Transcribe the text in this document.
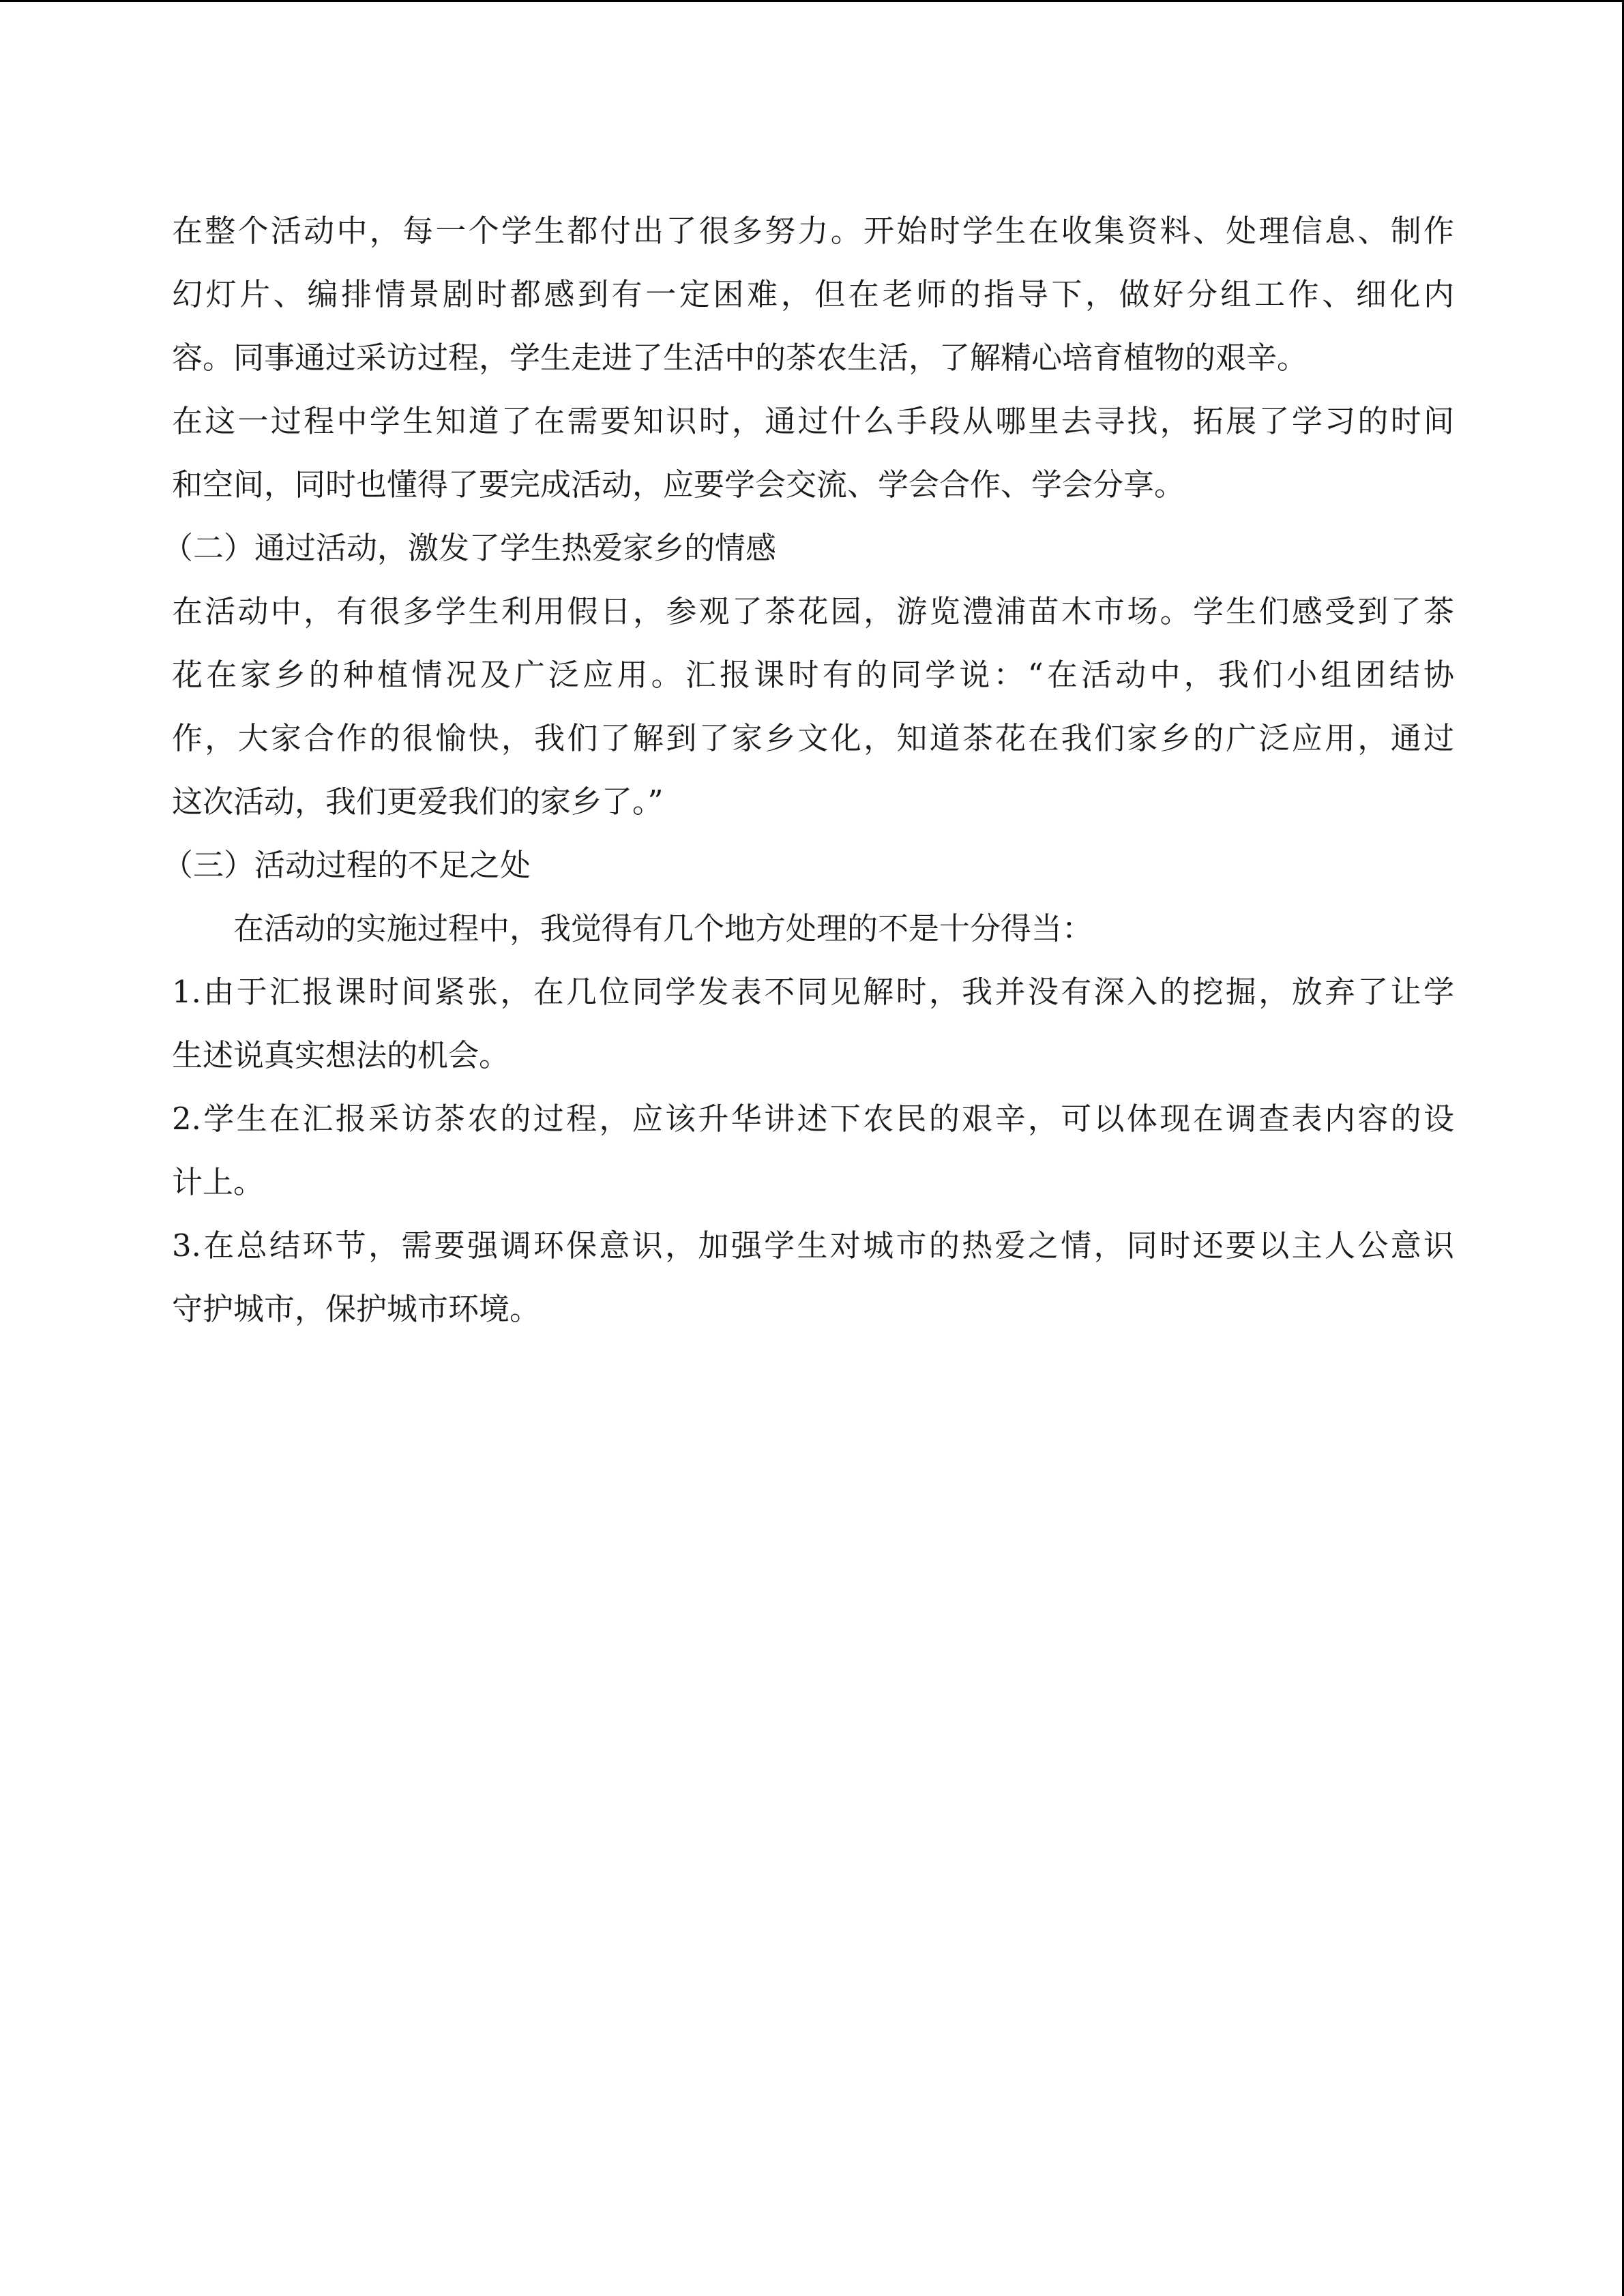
在整个活动中，每一个学生都付出了很多努力。开始时学生在收集资料、处理信息、制作
幻灯片、编排情景剧时都感到有一定困难，但在老师的指导下，做好分组工作、细化内
容。同事通过采访过程，学生走进了生活中的茶农生活，了解精心培育植物的艰辛。
在这一过程中学生知道了在需要知识时，通过什么手段从哪里去寻找，拓展了学习的时间
和空间，同时也懂得了要完成活动，应要学会交流、学会合作、学会分享。
（二）通过活动，激发了学生热爱家乡的情感
在活动中，有很多学生利用假日，参观了茶花园，游览澧浦苗木市场。学生们感受到了茶
花在家乡的种植情况及广泛应用。汇报课时有的同学说：“在活动中，我们小组团结协
作，大家合作的很愉快，我们了解到了家乡文化，知道茶花在我们家乡的广泛应用，通过
这次活动，我们更爱我们的家乡了。”
（三）活动过程的不足之处
在活动的实施过程中，我觉得有几个地方处理的不是十分得当：
1.由于汇报课时间紧张，在几位同学发表不同见解时，我并没有深入的挖掘，放弃了让学
生述说真实想法的机会。
2.学生在汇报采访茶农的过程，应该升华讲述下农民的艰辛，可以体现在调查表内容的设
计上。
3.在总结环节，需要强调环保意识，加强学生对城市的热爱之情，同时还要以主人公意识
守护城市，保护城市环境。
